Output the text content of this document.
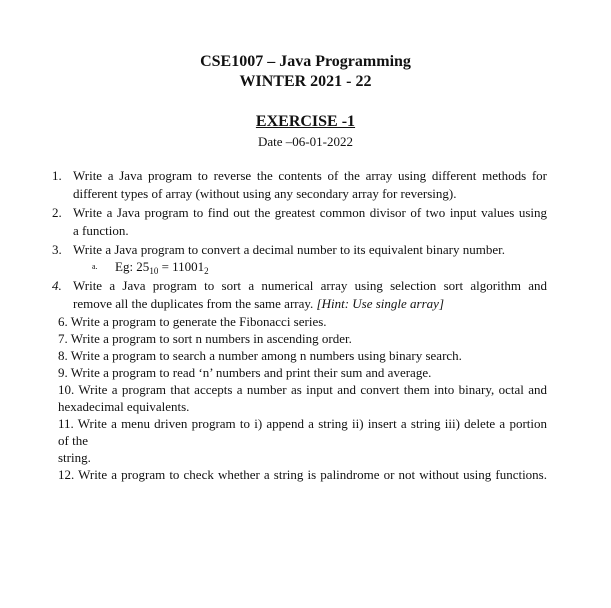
CSE1007 – Java Programming
WINTER 2021 - 22
EXERCISE -1
Date –06-01-2022
1. Write a Java program to reverse the contents of the array using different methods for
different types of array (without using any secondary array for reversing).
2. Write a Java program to find out the greatest common divisor of two input values using
a function.
3. Write a Java program to convert a decimal number to its equivalent binary number.
a. Eg: $25_{10} = 11001_2$
4. Write a Java program to sort a numerical array using selection sort algorithm and
remove all the duplicates from the same array. [Hint: Use single array]
6. Write a program to generate the Fibonacci series.
7. Write a program to sort n numbers in ascending order.
8. Write a program to search a number among n numbers using binary search.
9. Write a program to read ‘n’ numbers and print their sum and average.
10. Write a program that accepts a number as input and convert them into binary, octal and
hexadecimal equivalents.
11. Write a menu driven program to i) append a string ii) insert a string iii) delete a portion
of the
string.
12. Write a program to check whether a string is palindrome or not without using functions.
